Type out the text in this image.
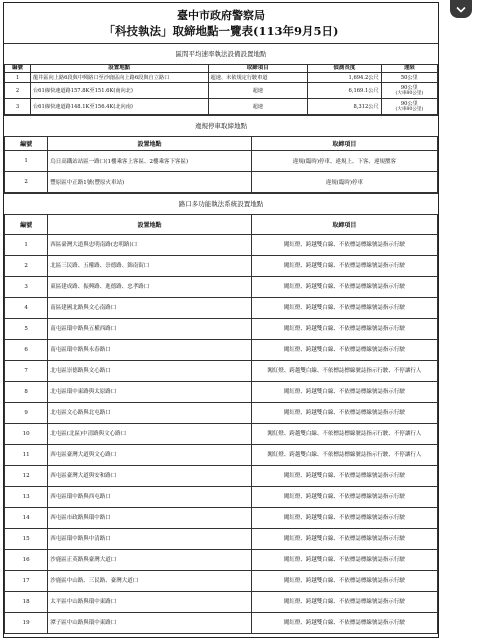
臺中市政府警察局
「科技執法」取締地點一覽表(113年9月5日)
區間平均速率執法設備設置地點
編號	設置地點	取締項目	偵測長度	速限
1	龍井區向上路6段與中興路口至沙鹿區向上路6段與自立路口	超速、未依規定行駛車道	1,694.2公尺	50公里
2	台61線快速道路157.8K至151.6K(南向北)	超速	6,169.1公尺	90公里
(大車80公里)

3	台61線快速道路148.1K至156.4K(北向南)	超速	8,312公尺	90公里
(大車80公里)
違規停車取締地點
編號	設置地點	取締項目
1	烏日高鐵站站區一路口(1樓乘客上客區、2樓乘客下客區)	違規(臨時)停車、違規上、下客、違規攬客
2	豐原區中正路1號(豐原火車站)	違規(臨時)停車
路口多功能執法系統設置地點
編號	設置地點	取締項目
1	西區臺灣大道與忠明南路(忠明路)口	闖紅燈、跨越雙白線、不依標誌標線號誌指示行駛
2	北區三民路、五權路、崇德路、錦南街口	闖紅燈、跨越雙白線、不依標誌標線號誌指示行駛
3	東區建成路、振興路、進德路、忠孝路口	闖紅燈、跨越雙白線、不依標誌標線號誌指示行駛
4	南區建國北路與文心南路口	闖紅燈、跨越雙白線、不依標誌標線號誌指示行駛
5	南屯區環中路與五權西路口	闖紅燈、跨越雙白線、不依標誌標線號誌指示行駛
6	南屯區環中路與永春路口	闖紅燈、跨越雙白線、不依標誌標線號誌指示行駛
7	北屯區崇德路與文心路口	闖紅燈、跨越雙白線、不依標誌標線號誌指示行駛、不停讓行人
8	北屯區環中東路與太原路口	闖紅燈、跨越雙白線、不依標誌標線號誌指示行駛
9	北屯區文心路與北屯路口	闖紅燈、跨越雙白線、不依標誌標線號誌指示行駛
10	北屯區(北區)中清路與文心路口	闖紅燈、跨越雙白線、不依標誌標線號誌指示行駛、不停讓行人
11	西屯區臺灣大道與文心路口	闖紅燈、跨越雙白線、不依標誌標線號誌指示行駛、不停讓行人
12	西屯區臺灣大道與安和路口	闖紅燈、跨越雙白線、不依標誌標線號誌指示行駛
13	西屯區環中路與西屯路口	闖紅燈、跨越雙白線、不依標誌標線號誌指示行駛
14	西屯區市政路與環中路口	闖紅燈、跨越雙白線、不依標誌標線號誌指示行駛
15	西屯區環中路與中清路口	闖紅燈、跨越雙白線、不依標誌標線號誌指示行駛
16	沙鹿區正英路與臺灣大道口	闖紅燈、跨越雙白線、不依標誌標線號誌指示行駛
17	沙鹿區中山路、三民路、臺灣大道口	闖紅燈、跨越雙白線、不依標誌標線號誌指示行駛
18	太平區中山路與環中東路口	闖紅燈、跨越雙白線、不依標誌標線號誌指示行駛
19	潭子區中山路與環中東路口	闖紅燈、跨越雙白線、不依標誌標線號誌指示行駛
